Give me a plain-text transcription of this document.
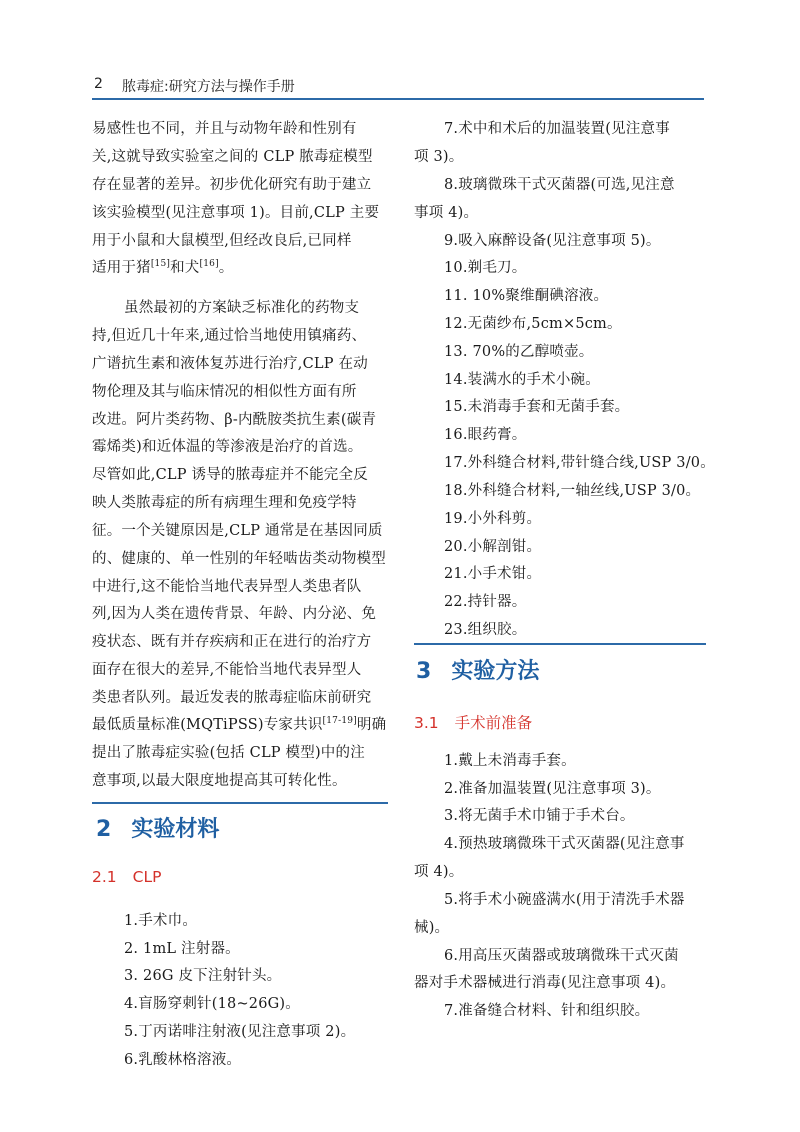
2 脓毒症:研究方法与操作手册
易感性也不同，并且与动物年龄和性别有
关,这就导致实验室之间的 CLP 脓毒症模型
存在显著的差异。初步优化研究有助于建立
该实验模型(见注意事项 1)。目前,CLP 主要
用于小鼠和大鼠模型,但经改良后,已同样
适用于猪[15]和犬[16]。
虽然最初的方案缺乏标准化的药物支
持,但近几十年来,通过恰当地使用镇痛药、
广谱抗生素和液体复苏进行治疗,CLP 在动
物伦理及其与临床情况的相似性方面有所
改进。阿片类药物、β-内酰胺类抗生素(碳青
霉烯类)和近体温的等渗液是治疗的首选。
尽管如此,CLP 诱导的脓毒症并不能完全反
映人类脓毒症的所有病理生理和免疫学特
征。一个关键原因是,CLP 通常是在基因同质
的、健康的、单一性别的年轻啮齿类动物模型
中进行,这不能恰当地代表异型人类患者队
列,因为人类在遗传背景、年龄、内分泌、免
疫状态、既有并存疾病和正在进行的治疗方
面存在很大的差异,不能恰当地代表异型人
类患者队列。最近发表的脓毒症临床前研究
最低质量标准(MQTiPSS)专家共识[17-19]明确
提出了脓毒症实验(包括 CLP 模型)中的注
意事项,以最大限度地提高其可转化性。
2 实验材料
2.1 CLP
1.手术巾。
2. 1mL 注射器。
3. 26G 皮下注射针头。
4.盲肠穿刺针(18~26G)。
5.丁丙诺啡注射液(见注意事项 2)。
6.乳酸林格溶液。
7.术中和术后的加温装置(见注意事
项 3)。
8.玻璃微珠干式灭菌器(可选,见注意
事项 4)。
9.吸入麻醉设备(见注意事项 5)。
10.剃毛刀。
11. 10%聚维酮碘溶液。
12.无菌纱布,5cm×5cm。
13. 70%的乙醇喷壶。
14.装满水的手术小碗。
15.未消毒手套和无菌手套。
16.眼药膏。
17.外科缝合材料,带针缝合线,USP 3/0。
18.外科缝合材料,一轴丝线,USP 3/0。
19.小外科剪。
20.小解剖钳。
21.小手术钳。
22.持针器。
23.组织胶。
3 实验方法
3.1 手术前准备
1.戴上未消毒手套。
2.准备加温装置(见注意事项 3)。
3.将无菌手术巾铺于手术台。
4.预热玻璃微珠干式灭菌器(见注意事
项 4)。
5.将手术小碗盛满水(用于清洗手术器
械)。
6.用高压灭菌器或玻璃微珠干式灭菌
器对手术器械进行消毒(见注意事项 4)。
7.准备缝合材料、针和组织胶。
